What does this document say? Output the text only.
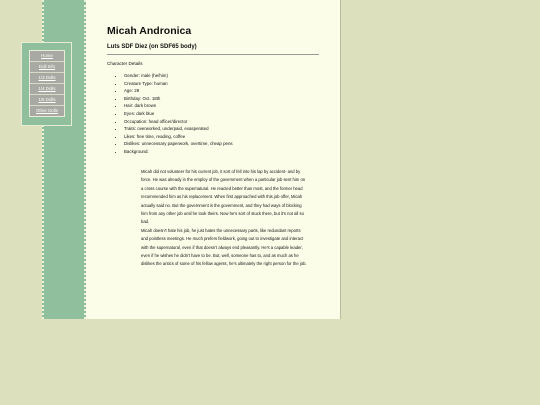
Home
Doll Info
1/3 Dolls
1/4 Dolls
1/6 Dolls
Other Dolls
Micah Andronica
Luts SDF Diez (on SDF65 body)
Character Details
• Gender: male (he/him)
• Creature Type: human
• Age: 28
• Birthday: Oct. 18th
• Hair: dark brown
• Eyes: dark blue
• Occupation: head officer/director
• Traits: overworked, underpaid, exasperated
• Likes: free time, reading, coffee
• Dislikes: unnecessary paperwork, overtime, cheap pens
• Background:

Micah did not volunteer for his current job, it sort of fell into his lap by accident- and by force. He was already in the employ of the government when a particular job sent him on a cross course with the supernatural. He reacted better than most, and the former head recommended him as his replacement. When first approached with this job offer, Micah actually said no. But the government is the government, and they had ways of blocking him from any other job until he took theirs. Now he's sort of stuck there, but it's not all so bad.

Micah doesn't hate his job, he just hates the unnecessary parts, like redundant reports and pointless meetings. He much prefers fieldwork, going out to investigate and interact with the supernatural, even if that doesn't always end pleasantly. He's a capable leader, even if he wishes he didn't have to be. But, well, someone has to, and as much as he dislikes the antics of some of his fellow agents, he's ultimately the right person for the job.
